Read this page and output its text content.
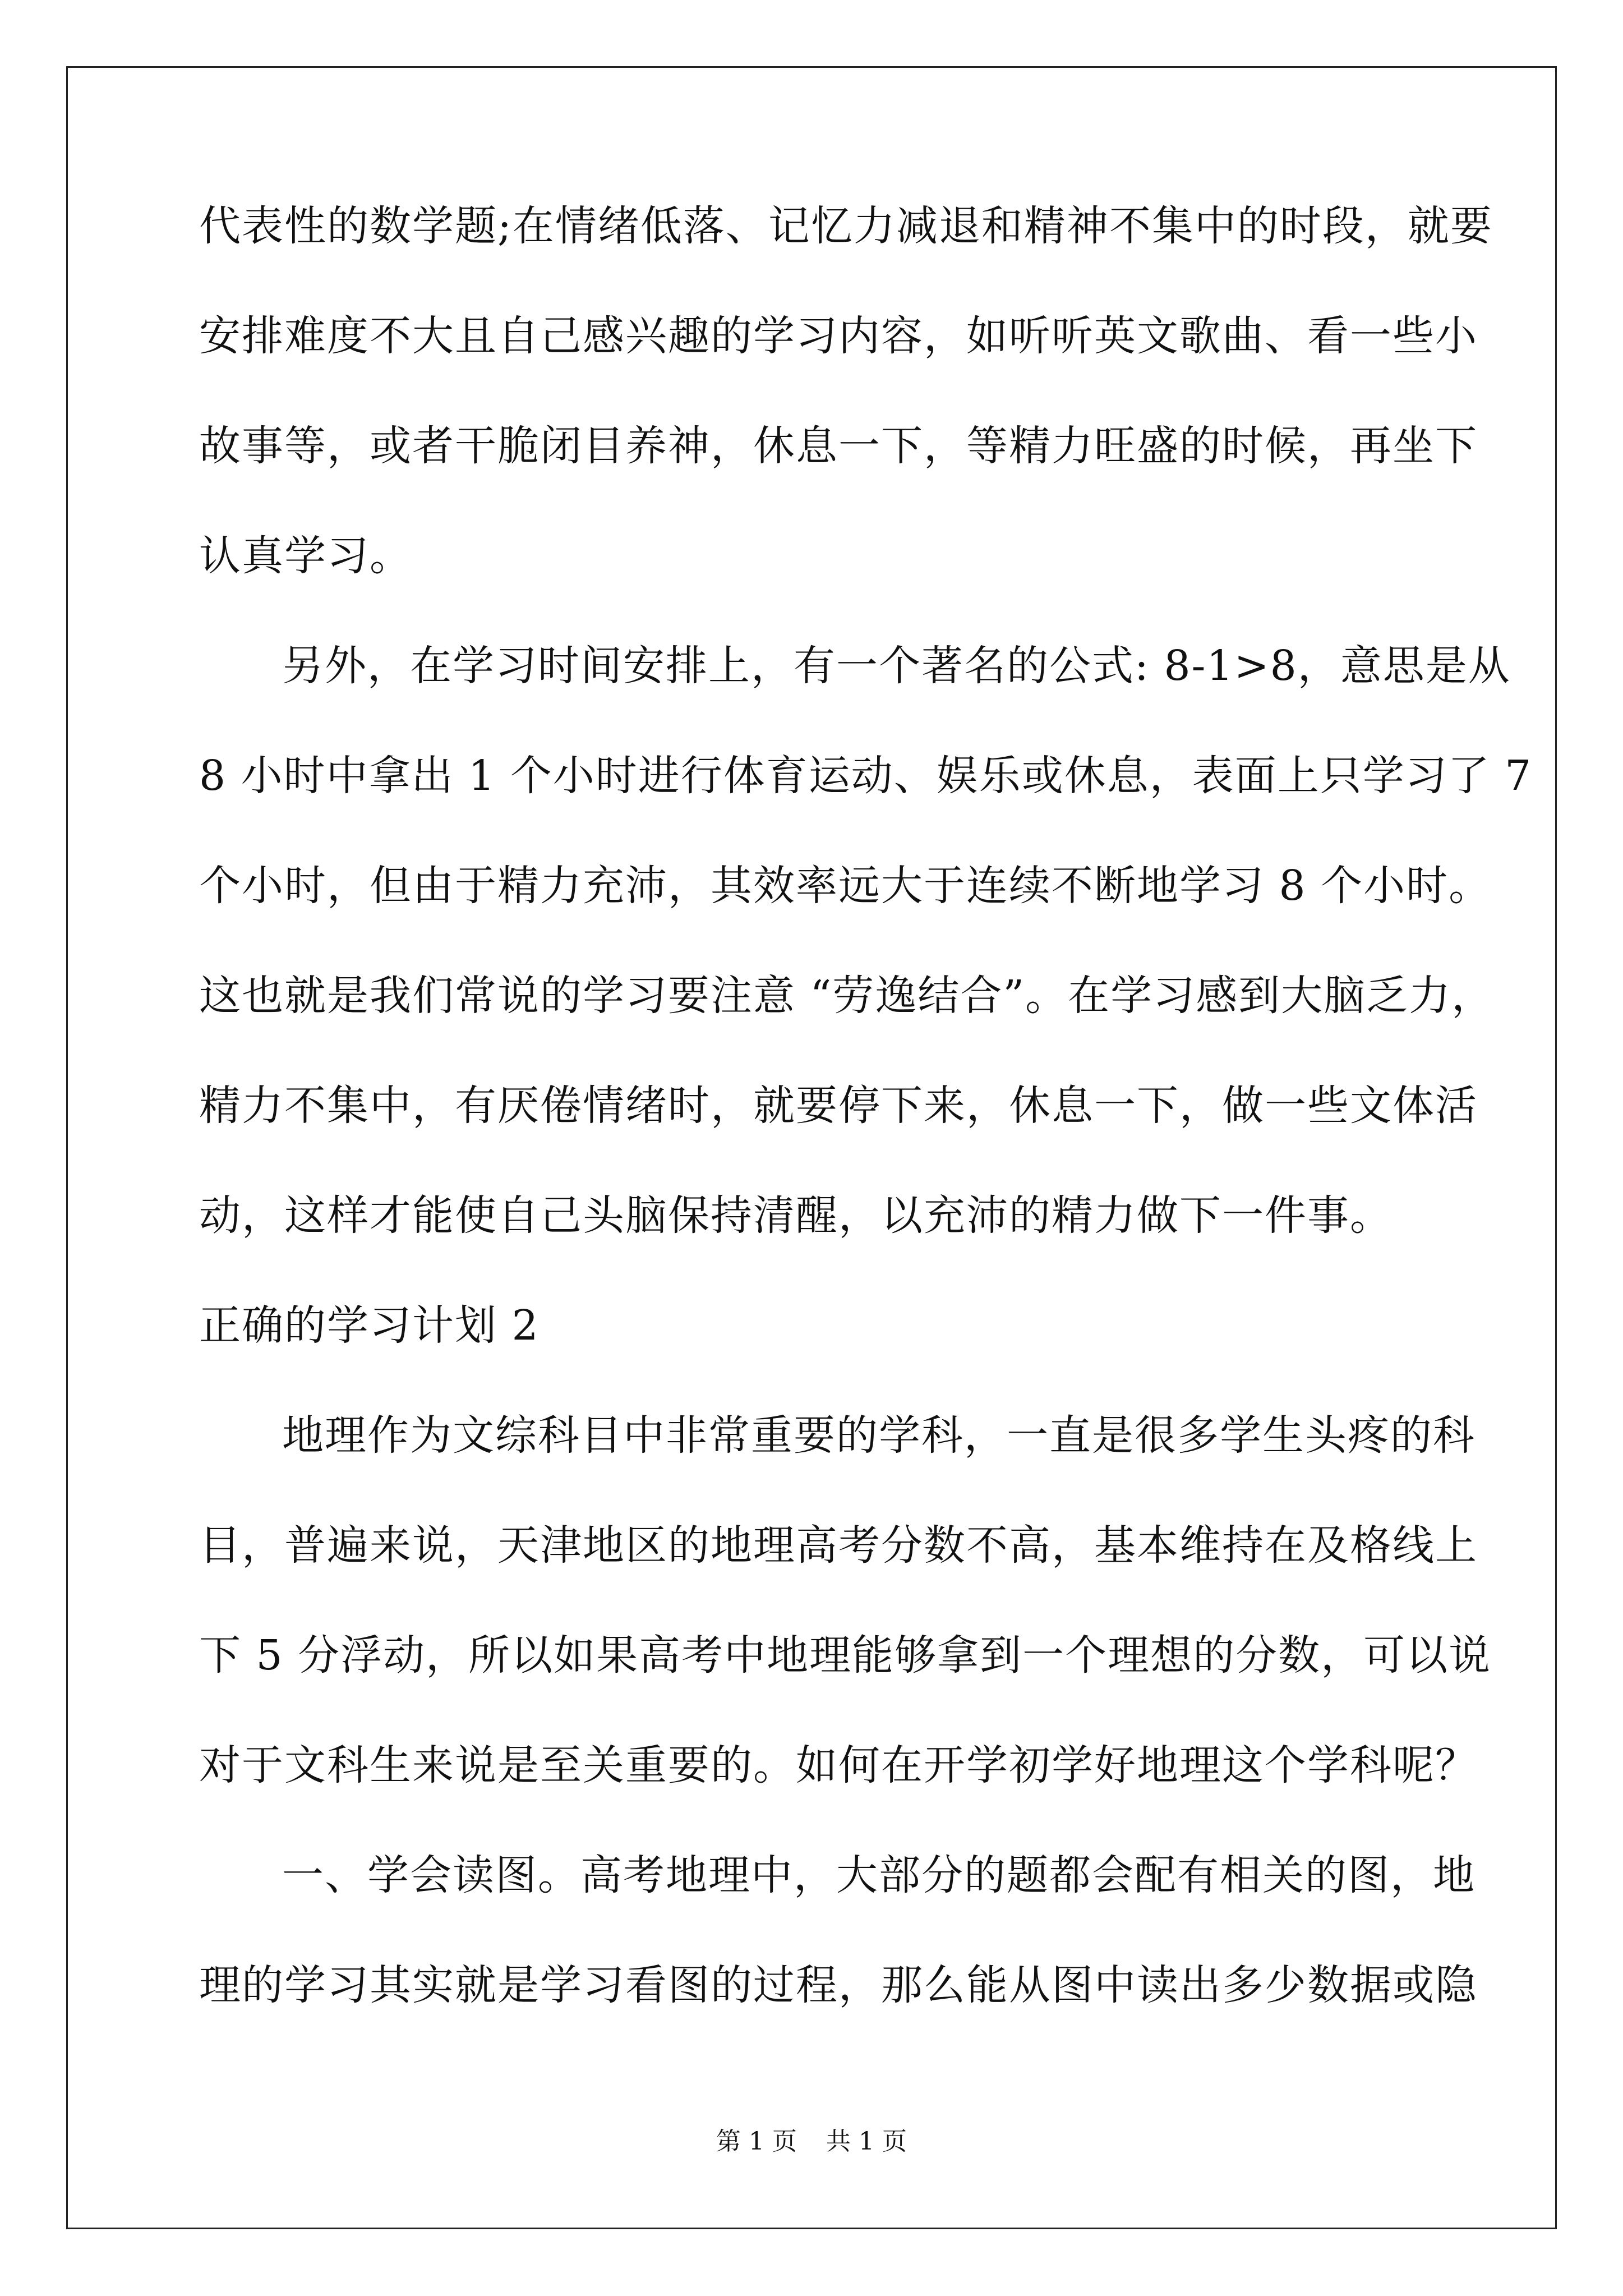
代表性的数学题;在情绪低落、记忆力减退和精神不集中的时段，就要

安排难度不大且自己感兴趣的学习内容，如听听英文歌曲、看一些小

故事等，或者干脆闭目养神，休息一下，等精力旺盛的时候，再坐下

认真学习。

另外，在学习时间安排上，有一个著名的公式: 8-1>8，意思是从

8 小时中拿出 1 个小时进行体育运动、娱乐或休息，表面上只学习了 7

个小时，但由于精力充沛，其效率远大于连续不断地学习 8 个小时。

这也就是我们常说的学习要注意 “劳逸结合”。在学习感到大脑乏力，

精力不集中，有厌倦情绪时，就要停下来，休息一下，做一些文体活

动，这样才能使自己头脑保持清醒，以充沛的精力做下一件事。

正确的学习计划 2

地理作为文综科目中非常重要的学科，一直是很多学生头疼的科

目，普遍来说，天津地区的地理高考分数不高，基本维持在及格线上

下 5 分浮动，所以如果高考中地理能够拿到一个理想的分数，可以说

对于文科生来说是至关重要的。如何在开学初学好地理这个学科呢？

一、学会读图。高考地理中，大部分的题都会配有相关的图，地

理的学习其实就是学习看图的过程，那么能从图中读出多少数据或隐

第 1 页 共 1 页
